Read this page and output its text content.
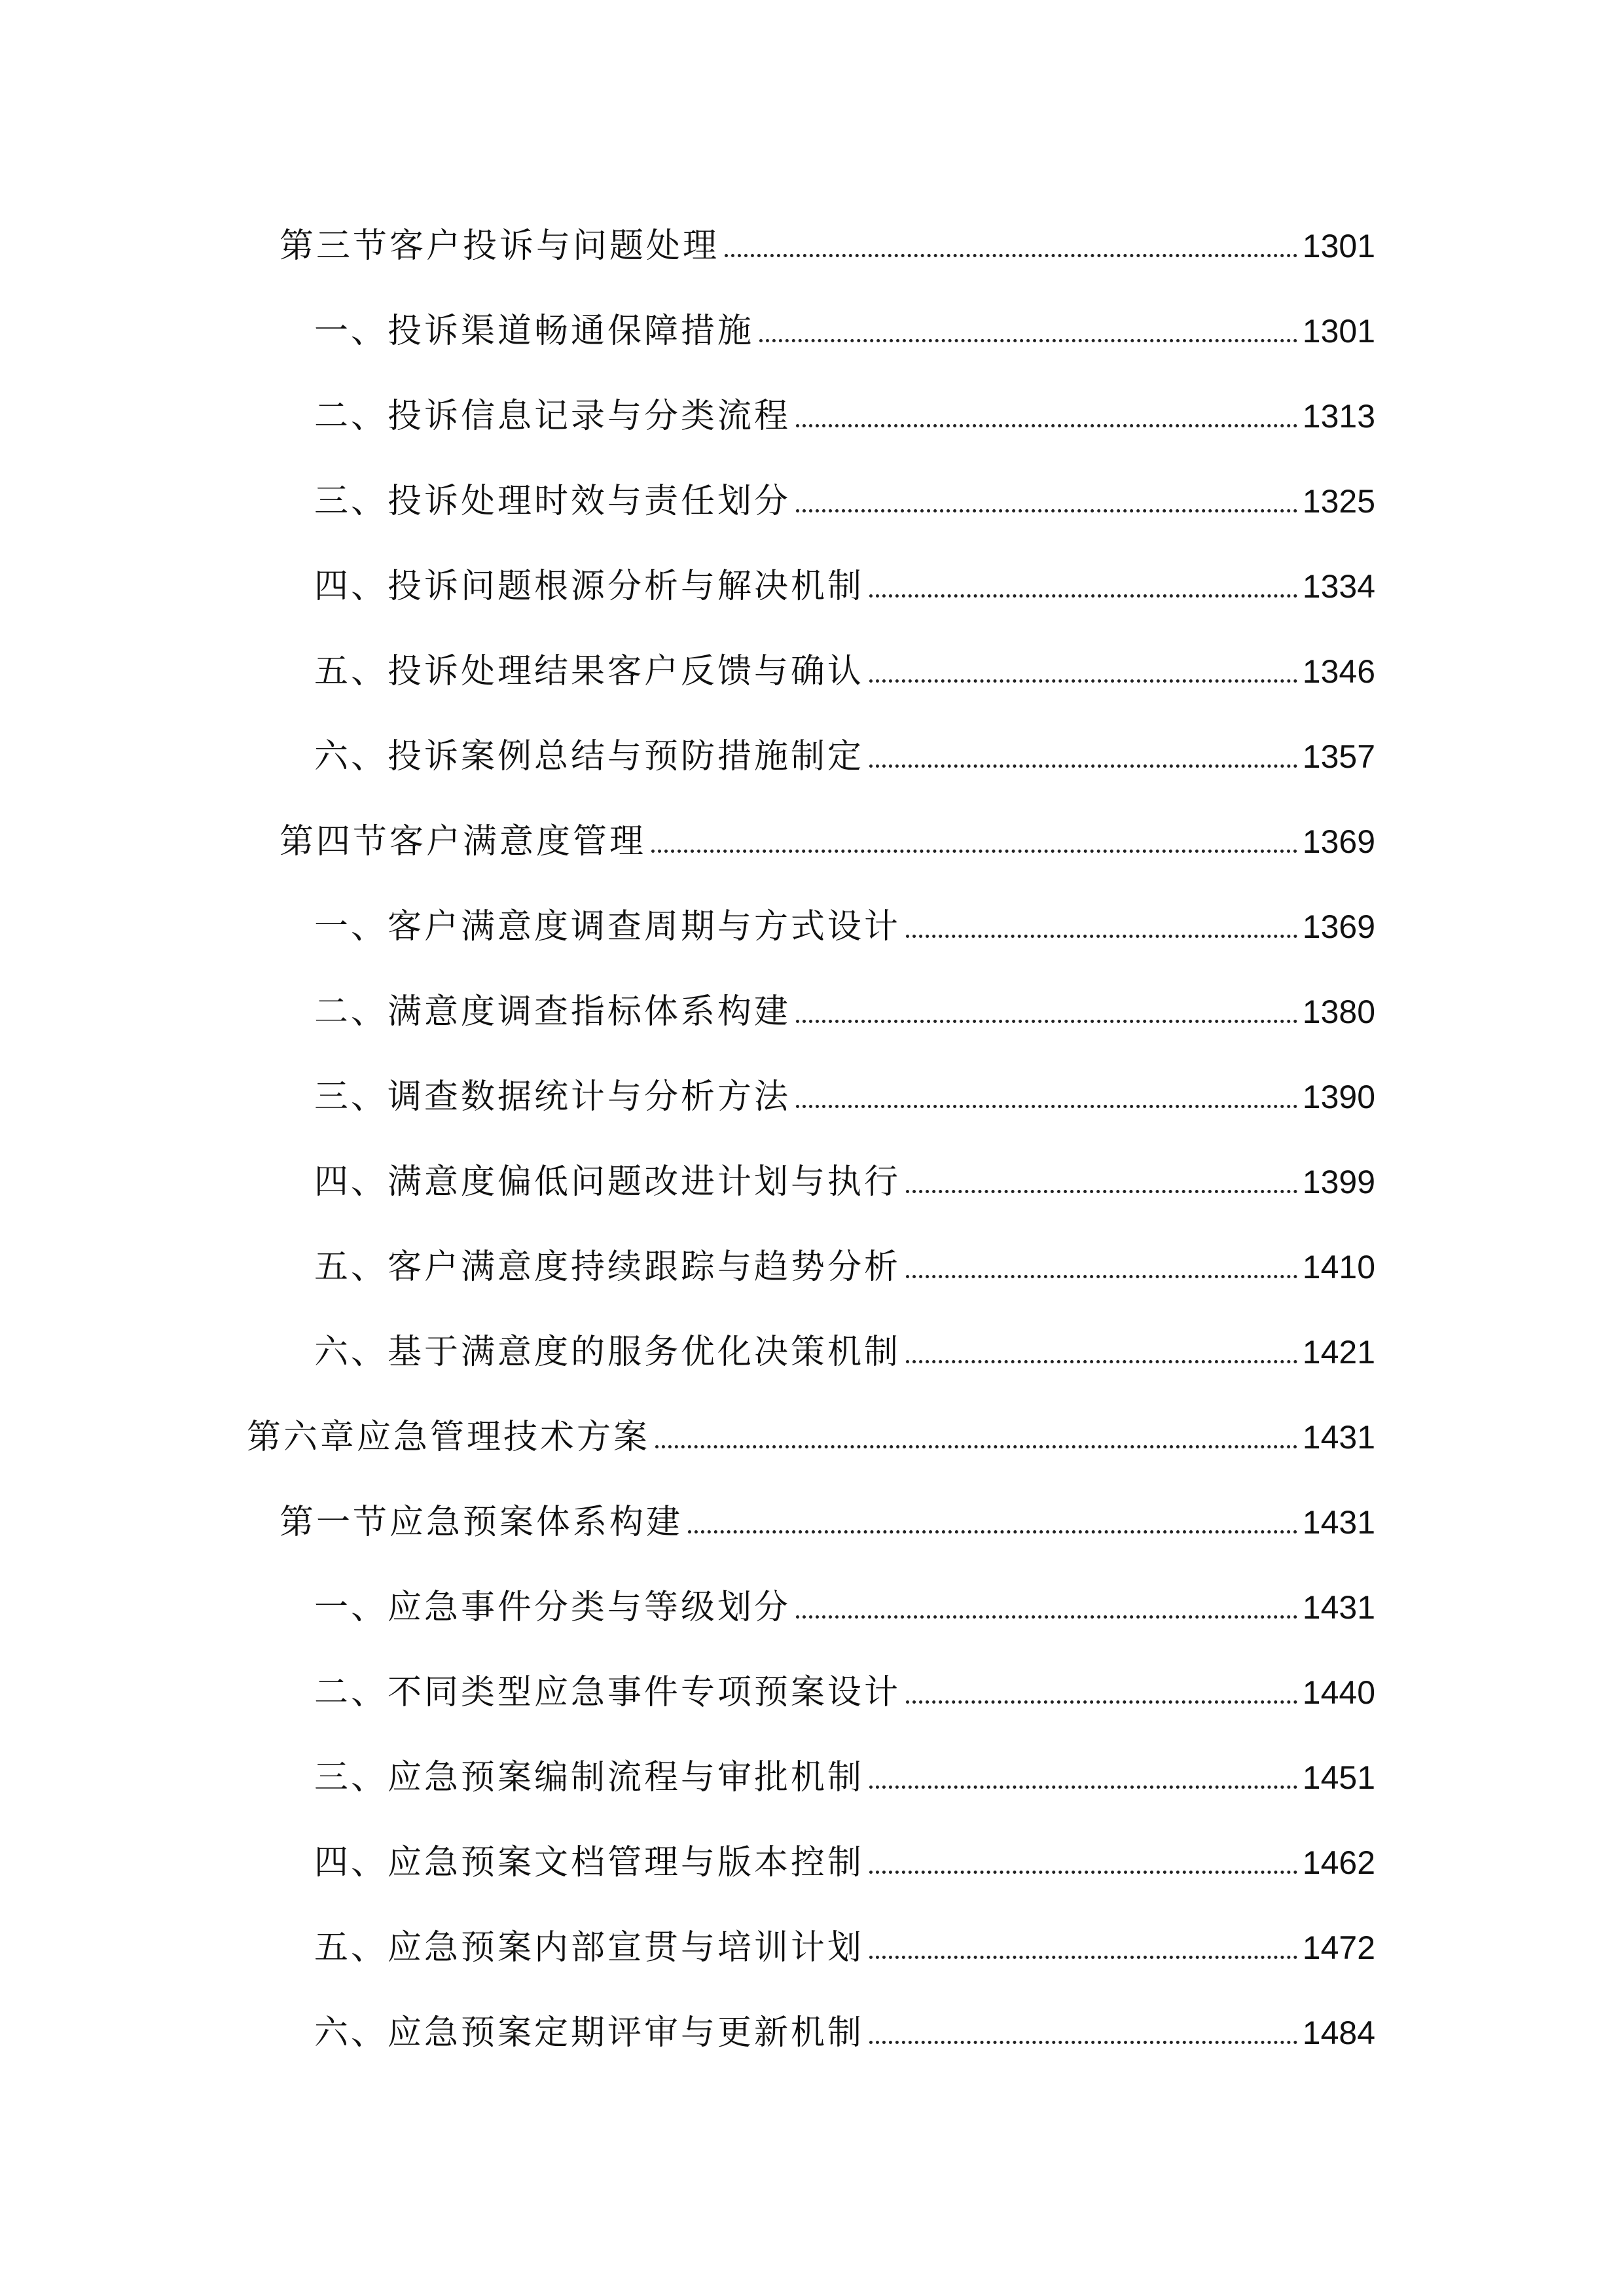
第三节客户投诉与问题处理	1301
一、投诉渠道畅通保障措施	1301
二、投诉信息记录与分类流程	1313
三、投诉处理时效与责任划分	1325
四、投诉问题根源分析与解决机制	1334
五、投诉处理结果客户反馈与确认	1346
六、投诉案例总结与预防措施制定	1357
第四节客户满意度管理	1369
一、客户满意度调查周期与方式设计	1369
二、满意度调查指标体系构建	1380
三、调查数据统计与分析方法	1390
四、满意度偏低问题改进计划与执行	1399
五、客户满意度持续跟踪与趋势分析	1410
六、基于满意度的服务优化决策机制	1421
第六章应急管理技术方案	1431
第一节应急预案体系构建	1431
一、应急事件分类与等级划分	1431
二、不同类型应急事件专项预案设计	1440
三、应急预案编制流程与审批机制	1451
四、应急预案文档管理与版本控制	1462
五、应急预案内部宣贯与培训计划	1472
六、应急预案定期评审与更新机制	1484
